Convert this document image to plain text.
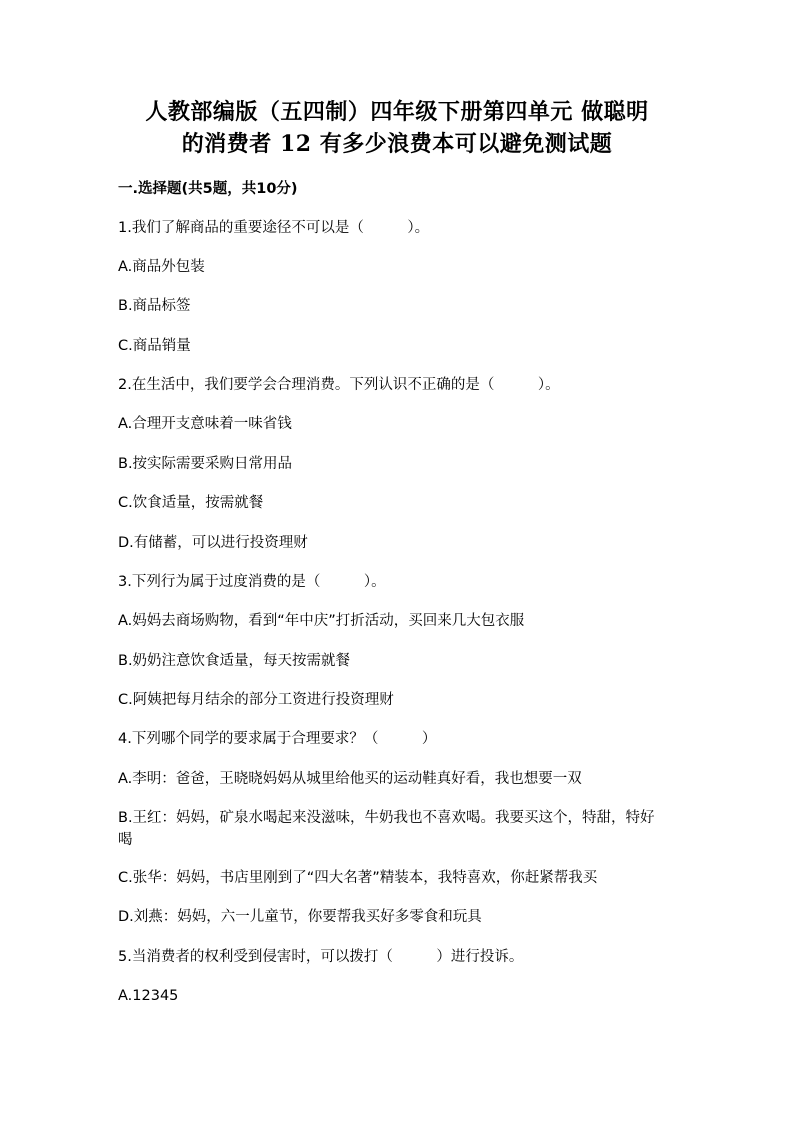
人教部编版（五四制）四年级下册第四单元 做聪明
的消费者 12 有多少浪费本可以避免测试题
一.选择题(共5题，共10分)
1.我们了解商品的重要途径不可以是（　　　）。
A.商品外包装
B.商品标签
C.商品销量
2.在生活中，我们要学会合理消费。下列认识不正确的是（　　　）。
A.合理开支意味着一味省钱
B.按实际需要采购日常用品
C.饮食适量，按需就餐
D.有储蓄，可以进行投资理财
3.下列行为属于过度消费的是（　　　）。
A.妈妈去商场购物，看到“年中庆”打折活动，买回来几大包衣服
B.奶奶注意饮食适量，每天按需就餐
C.阿姨把每月结余的部分工资进行投资理财
4.下列哪个同学的要求属于合理要求？（　　　）
A.李明：爸爸，王晓晓妈妈从城里给他买的运动鞋真好看，我也想要一双
B.王红：妈妈，矿泉水喝起来没滋味，牛奶我也不喜欢喝。我要买这个，特甜，特好喝
C.张华：妈妈，书店里刚到了“四大名著”精装本，我特喜欢，你赶紧帮我买
D.刘燕：妈妈，六一儿童节，你要帮我买好多零食和玩具
5.当消费者的权利受到侵害时，可以拨打（　　　）进行投诉。
A.12345
